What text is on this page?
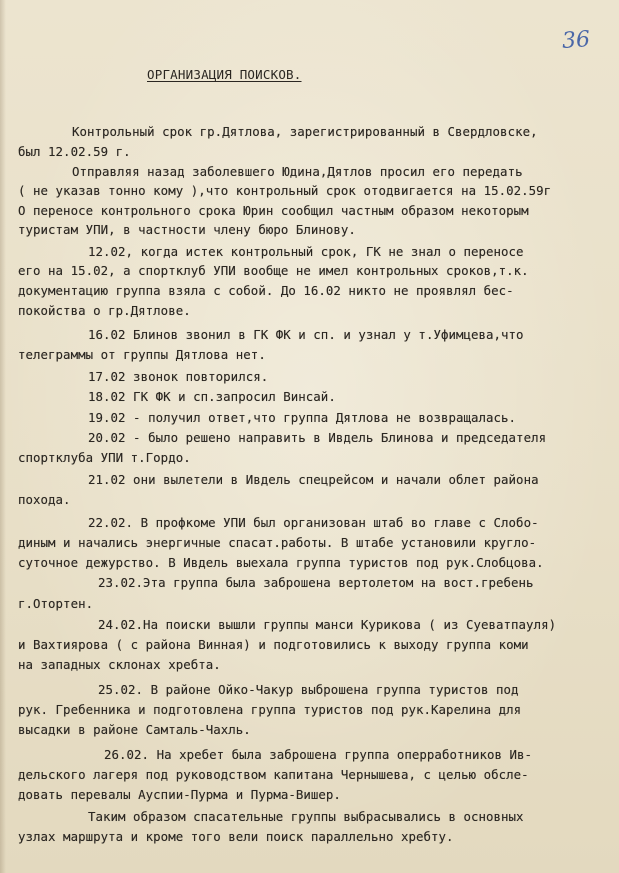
36
ОРГАНИЗАЦИЯ ПОИСКОВ.
Контрольный срок гр.Дятлова, зарегистрированный в Свердловске,
был 12.02.59 г.
Отправляя назад заболевшего Юдина,Дятлов просил его передать
( не указав тонно кому ),что контрольный срок отодвигается на 15.02.59г
О переносе контрольного срока Юрин сообщил частным образом некоторым
туристам УПИ, в частности члену бюро Блинову.
12.02, когда истек контрольный срок, ГК не знал о переносе
его на 15.02, а спортклуб УПИ вообще не имел контрольных сроков,т.к.
документацию группа взяла с собой. До 16.02 никто не проявлял бес-
покойства о гр.Дятлове.
16.02 Блинов звонил в ГК ФК и сп. и узнал у т.Уфимцева,что
телеграммы от группы Дятлова нет.
17.02 звонок повторился.
18.02 ГК ФК и сп.запросил Винсай.
19.02 - получил ответ,что группа Дятлова не возвращалась.
20.02 - было решено направить в Ивдель Блинова и председателя
спортклуба УПИ т.Гордо.
21.02 они вылетели в Ивдель спецрейсом и начали облет района
похода.
22.02. В профкоме УПИ был организован штаб во главе с Слобо-
диным и начались энергичные спасат.работы. В штабе установили кругло-
суточное дежурство. В Ивдель выехала группа туристов под рук.Слобцова.
23.02.Эта группа была заброшена вертолетом на вост.гребень
г.Отортен.
24.02.На поиски вышли группы манси Курикова ( из Суеватпауля)
и Вахтиярова ( с района Винная) и подготовились к выходу группа коми
на западных склонах хребта.
25.02. В районе Ойко-Чакур выброшена группа туристов под
рук. Гребенника и подготовлена группа туристов под рук.Карелина для
высадки в районе Самталь-Чахль.
26.02. На хребет была заброшена группа оперработников Ив-
дельского лагеря под руководством капитана Чернышева, с целью обсле-
довать перевалы Ауспии-Пурма и Пурма-Вишер.
Таким образом спасательные группы выбрасывались в основных
узлах маршрута и кроме того вели поиск параллельно хребту.
